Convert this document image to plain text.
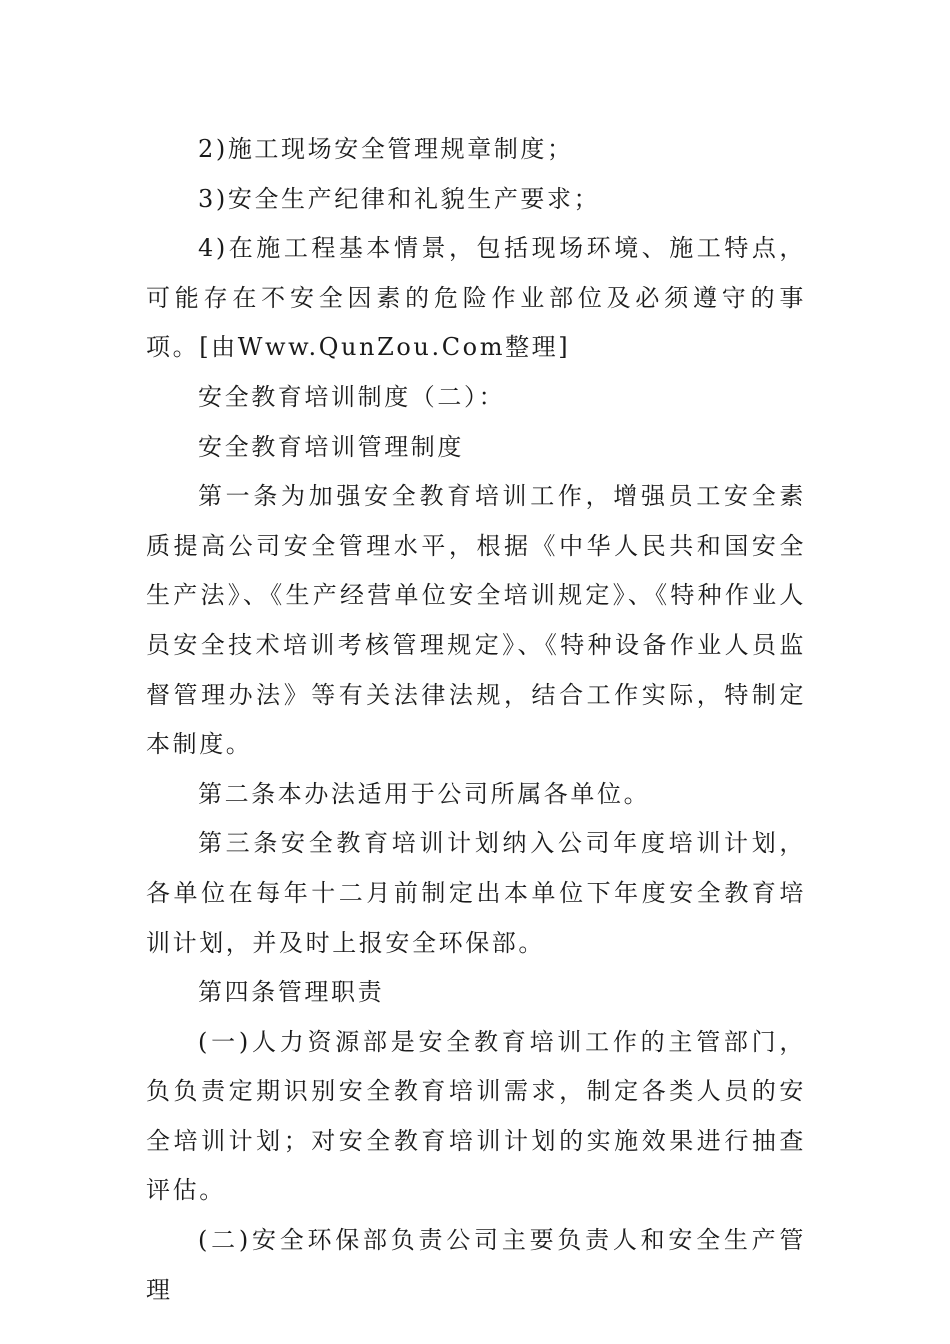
2)施工现场安全管理规章制度；

3)安全生产纪律和礼貌生产要求；

4)在施工程基本情景，包括现场环境、施工特点，可能存在不安全因素的危险作业部位及必须遵守的事项。[由Www.QunZou.Com整理]

安全教育培训制度（二）：

安全教育培训管理制度

第一条为加强安全教育培训工作，增强员工安全素质提高公司安全管理水平，根据《中华人民共和国安全生产法》、《生产经营单位安全培训规定》、《特种作业人员安全技术培训考核管理规定》、《特种设备作业人员监督管理办法》等有关法律法规，结合工作实际，特制定本制度。

第二条本办法适用于公司所属各单位。

第三条安全教育培训计划纳入公司年度培训计划，各单位在每年十二月前制定出本单位下年度安全教育培训计划，并及时上报安全环保部。

第四条管理职责

(一)人力资源部是安全教育培训工作的主管部门，负负责定期识别安全教育培训需求，制定各类人员的安全培训计划；对安全教育培训计划的实施效果进行抽查评估。

(二)安全环保部负责公司主要负责人和安全生产管理
